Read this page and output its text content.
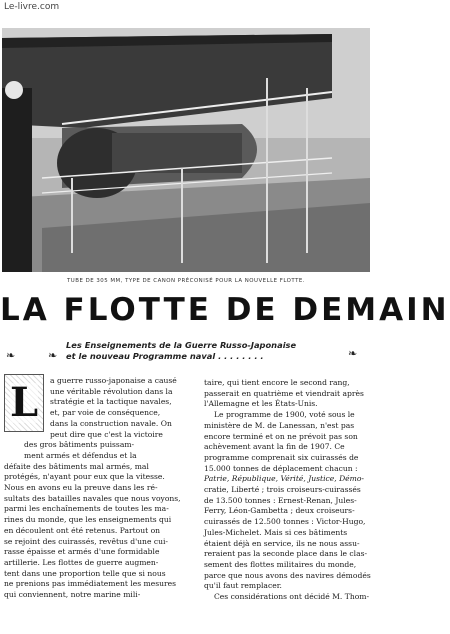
Le-livre.com
TUBE DE 305 MM, TYPE DE CANON PRÉCONISÉ POUR LA NOUVELLE FLOTTE.
LA FLOTTE DE DEMAIN
❧	❧	❧
Les Enseignements de la Guerre Russo-Japonaise
et le nouveau Programme naval . . . . . . . .
L	a guerre russo-japonaise a causé
une véritable révolution dans la
stratégie et la tactique navales,
et, par voie de conséquence,
dans la construction navale. On
peut dire que c'est la victoire
des gros bâtiments puissam-
ment armés et défendus et la
défaite des bâtiments mal armés, mal
protégés, n'ayant pour eux que la vitesse.
Nous en avons eu la preuve dans les ré-
sultats des batailles navales que nous voyons,
parmi les enchaînements de toutes les ma-
rines du monde, que les enseignements qui
en découlent ont été retenus. Partout on
se rejoint des cuirassés, revêtus d'une cui-
rasse épaisse et armés d'une formidable
artillerie. Les flottes de guerre augmen-
tent dans une proportion telle que si nous
ne prenions pas immédiatement les mesures
qui conviennent, notre marine mili-
taire, qui tient encore le second rang,
passerait en quatrième et viendrait après
l'Allemagne et les États-Unis.
Le programme de 1900, voté sous le
ministère de M. de Lanessan, n'est pas
encore terminé et on ne prévoit pas son
achèvement avant la fin de 1907. Ce
programme comprenait six cuirassés de
15.000 tonnes de déplacement chacun :
Patrie, République, Vérité, Justice, Démo-
cratie, Liberté ; trois croiseurs-cuirassés
de 13.500 tonnes : Ernest-Renan, Jules-
Ferry, Léon-Gambetta ; deux croiseurs-
cuirassés de 12.500 tonnes : Victor-Hugo,
Jules-Michelet. Mais si ces bâtiments
étaient déjà en service, ils ne nous assu-
reraient pas la seconde place dans le clas-
sement des flottes militaires du monde,
parce que nous avons des navires démodés
qu'il faut remplacer.
Ces considérations ont décidé M. Thom-
